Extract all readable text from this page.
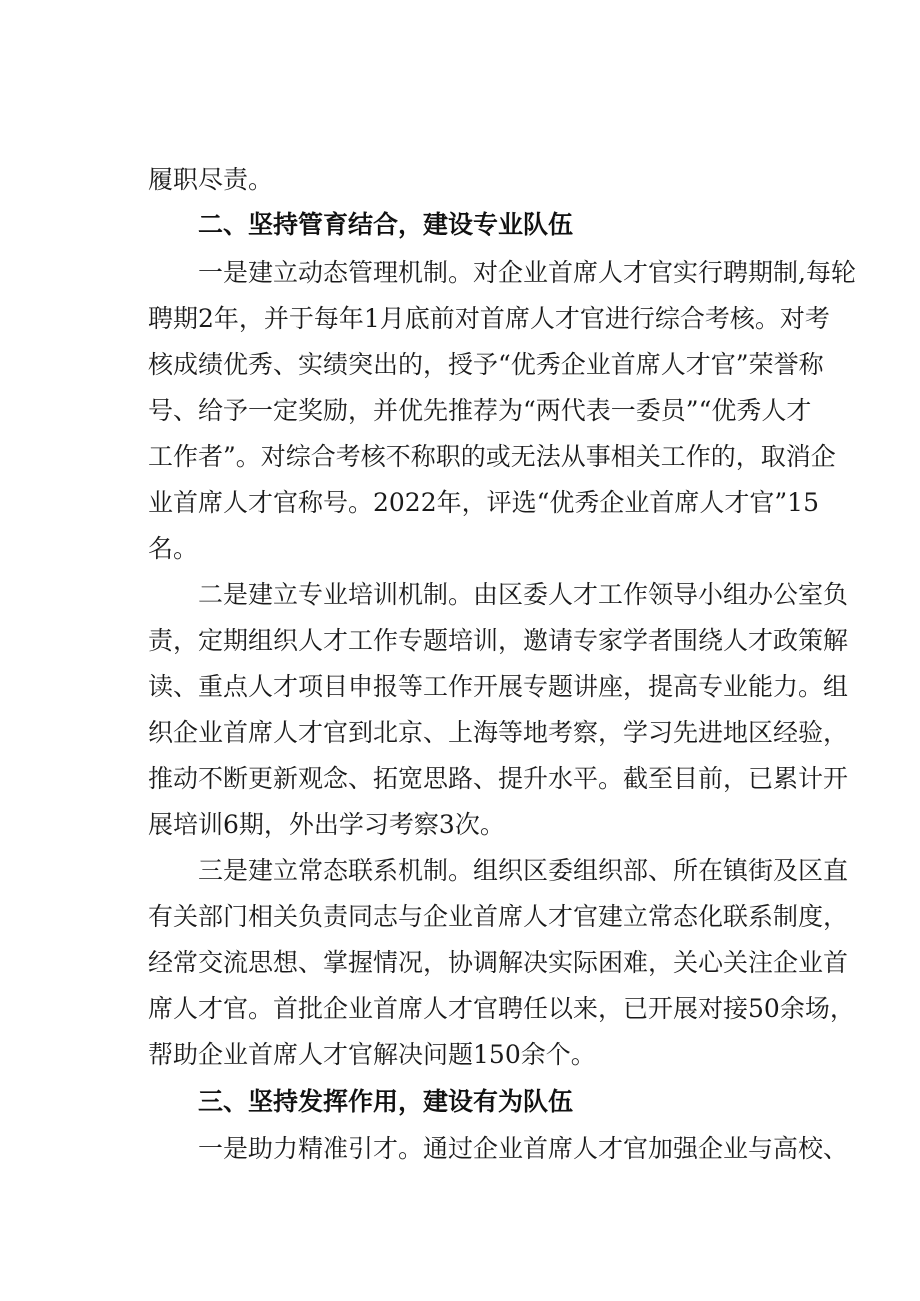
履职尽责。
二、坚持管育结合，建设专业队伍
一是建立动态管理机制。对企业首席人才官实行聘期制,每轮
聘期2年，并于每年1月底前对首席人才官进行综合考核。对考
核成绩优秀、实绩突出的，授予“优秀企业首席人才官”荣誉称
号、给予一定奖励，并优先推荐为“两代表一委员”“优秀人才
工作者”。对综合考核不称职的或无法从事相关工作的，取消企
业首席人才官称号。2022年，评选“优秀企业首席人才官”15
名。
二是建立专业培训机制。由区委人才工作领导小组办公室负
责，定期组织人才工作专题培训，邀请专家学者围绕人才政策解
读、重点人才项目申报等工作开展专题讲座，提高专业能力。组
织企业首席人才官到北京、上海等地考察，学习先进地区经验，
推动不断更新观念、拓宽思路、提升水平。截至目前，已累计开
展培训6期，外出学习考察3次。
三是建立常态联系机制。组织区委组织部、所在镇街及区直
有关部门相关负责同志与企业首席人才官建立常态化联系制度，
经常交流思想、掌握情况，协调解决实际困难，关心关注企业首
席人才官。首批企业首席人才官聘任以来，已开展对接50余场，
帮助企业首席人才官解决问题150余个。
三、坚持发挥作用，建设有为队伍
一是助力精准引才。通过企业首席人才官加强企业与高校、
